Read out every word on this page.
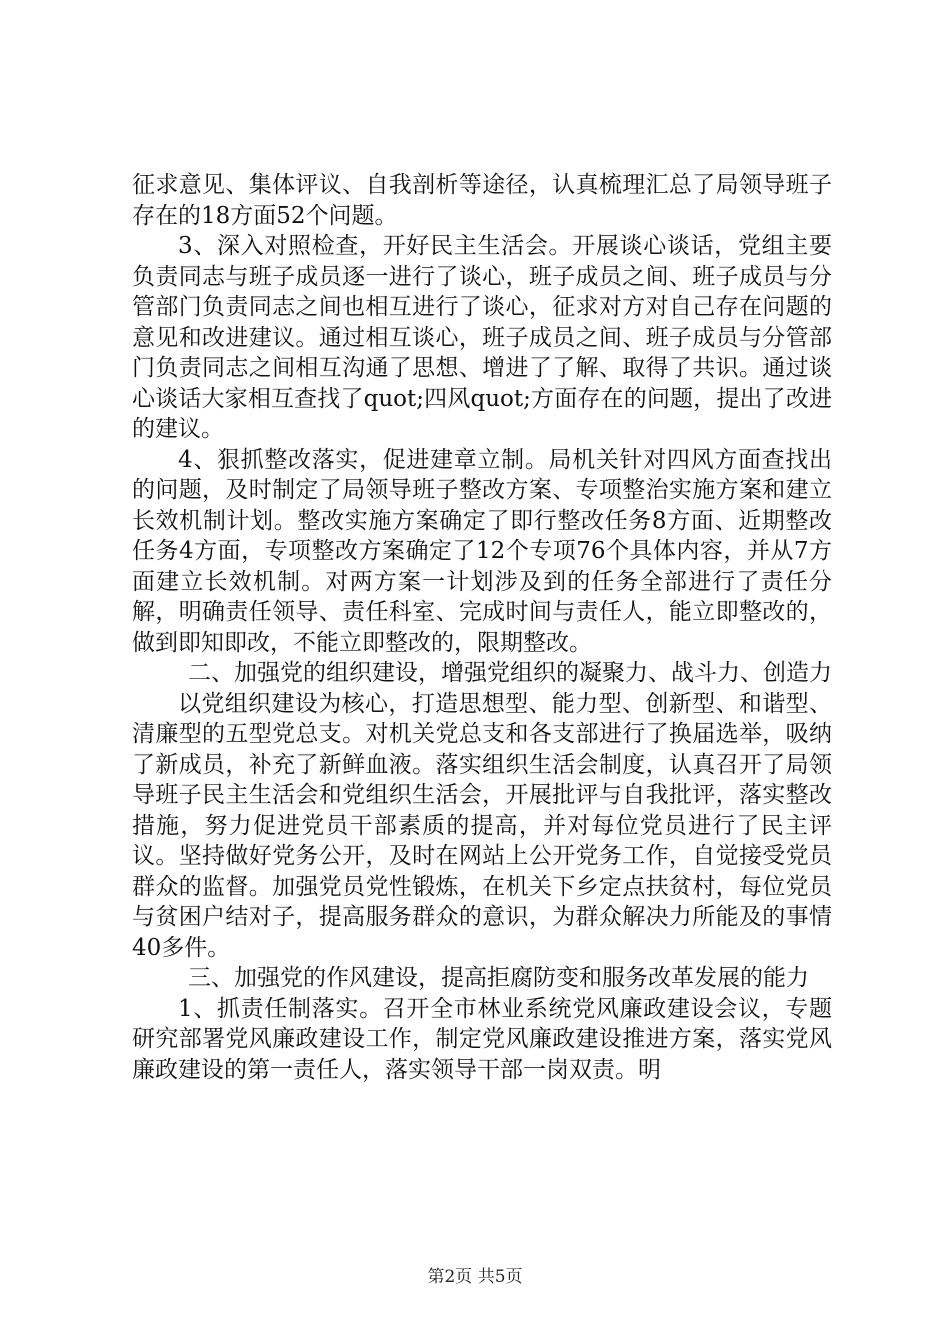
征求意见、集体评议、自我剖析等途径，认真梳理汇总了局领导班子存在的18方面52个问题。

3、深入对照检查，开好民主生活会。开展谈心谈话，党组主要负责同志与班子成员逐一进行了谈心，班子成员之间、班子成员与分管部门负责同志之间也相互进行了谈心，征求对方对自己存在问题的意见和改进建议。通过相互谈心，班子成员之间、班子成员与分管部门负责同志之间相互沟通了思想、增进了了解、取得了共识。通过谈心谈话大家相互查找了quot;四风quot;方面存在的问题，提出了改进的建议。

4、狠抓整改落实，促进建章立制。局机关针对四风方面查找出的问题，及时制定了局领导班子整改方案、专项整治实施方案和建立长效机制计划。整改实施方案确定了即行整改任务8方面、近期整改任务4方面，专项整改方案确定了12个专项76个具体内容，并从7方面建立长效机制。对两方案一计划涉及到的任务全部进行了责任分解，明确责任领导、责任科室、完成时间与责任人，能立即整改的，做到即知即改，不能立即整改的，限期整改。

二、加强党的组织建设，增强党组织的凝聚力、战斗力、创造力

以党组织建设为核心，打造思想型、能力型、创新型、和谐型、清廉型的五型党总支。对机关党总支和各支部进行了换届选举，吸纳了新成员，补充了新鲜血液。落实组织生活会制度，认真召开了局领导班子民主生活会和党组织生活会，开展批评与自我批评，落实整改措施，努力促进党员干部素质的提高，并对每位党员进行了民主评议。坚持做好党务公开，及时在网站上公开党务工作，自觉接受党员群众的监督。加强党员党性锻炼，在机关下乡定点扶贫村，每位党员与贫困户结对子，提高服务群众的意识，为群众解决力所能及的事情40多件。

三、加强党的作风建设，提高拒腐防变和服务改革发展的能力

1、抓责任制落实。召开全市林业系统党风廉政建设会议，专题研究部署党风廉政建设工作，制定党风廉政建设推进方案，落实党风廉政建设的第一责任人，落实领导干部一岗双责。明

第2页 共5页
